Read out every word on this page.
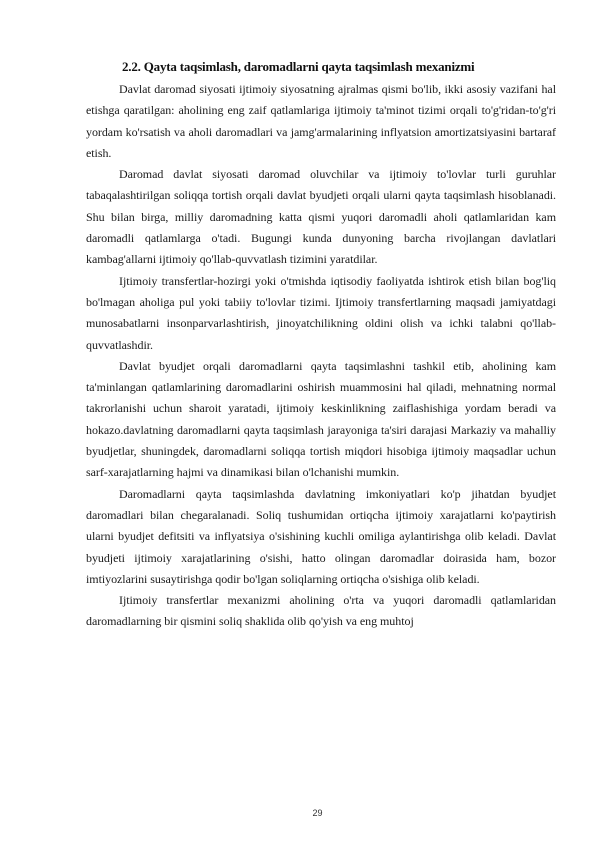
2.2. Qayta taqsimlash, daromadlarni qayta taqsimlash mexanizmi

Davlat daromad siyosati ijtimoiy siyosatning ajralmas qismi bo'lib, ikki asosiy vazifani hal etishga qaratilgan: aholining eng zaif qatlamlariga ijtimoiy ta'minot tizimi orqali to'g'ridan-to'g'ri yordam ko'rsatish va aholi daromadlari va jamg'armalarining inflyatsion amortizatsiyasini bartaraf etish.

Daromad davlat siyosati daromad oluvchilar va ijtimoiy to'lovlar turli guruhlar tabaqalashtirilgan soliqqa tortish orqali davlat byudjeti orqali ularni qayta taqsimlash hisoblanadi. Shu bilan birga, milliy daromadning katta qismi yuqori daromadli aholi qatlamlaridan kam daromadli qatlamlarga o'tadi. Bugungi kunda dunyoning barcha rivojlangan davlatlari kambag'allarni ijtimoiy qo'llab-quvvatlash tizimini yaratdilar.

Ijtimoiy transfertlar-hozirgi yoki o'tmishda iqtisodiy faoliyatda ishtirok etish bilan bog'liq bo'lmagan aholiga pul yoki tabiiy to'lovlar tizimi. Ijtimoiy transfertlarning maqsadi jamiyatdagi munosabatlarni insonparvarlashtirish, jinoyatchilikning oldini olish va ichki talabni qo'llab-quvvatlashdir.

Davlat byudjet orqali daromadlarni qayta taqsimlashni tashkil etib, aholining kam ta'minlangan qatlamlarining daromadlarini oshirish muammosini hal qiladi, mehnatning normal takrorlanishi uchun sharoit yaratadi, ijtimoiy keskinlikning zaiflashishiga yordam beradi va hokazo.davlatning daromadlarni qayta taqsimlash jarayoniga ta'siri darajasi Markaziy va mahalliy byudjetlar, shuningdek, daromadlarni soliqqa tortish miqdori hisobiga ijtimoiy maqsadlar uchun sarf-xarajatlarning hajmi va dinamikasi bilan o'lchanishi mumkin.

Daromadlarni qayta taqsimlashda davlatning imkoniyatlari ko'p jihatdan byudjet daromadlari bilan chegaralanadi. Soliq tushumidan ortiqcha ijtimoiy xarajatlarni ko'paytirish ularni byudjet defitsiti va inflyatsiya o'sishining kuchli omiliga aylantirishga olib keladi. Davlat byudjeti ijtimoiy xarajatlarining o'sishi, hatto olingan daromadlar doirasida ham, bozor imtiyozlarini susaytirishga qodir bo'lgan soliqlarning ortiqcha o'sishiga olib keladi.

Ijtimoiy transfertlar mexanizmi aholining o'rta va yuqori daromadli qatlamlaridan daromadlarning bir qismini soliq shaklida olib qo'yish va eng muhtoj

29
